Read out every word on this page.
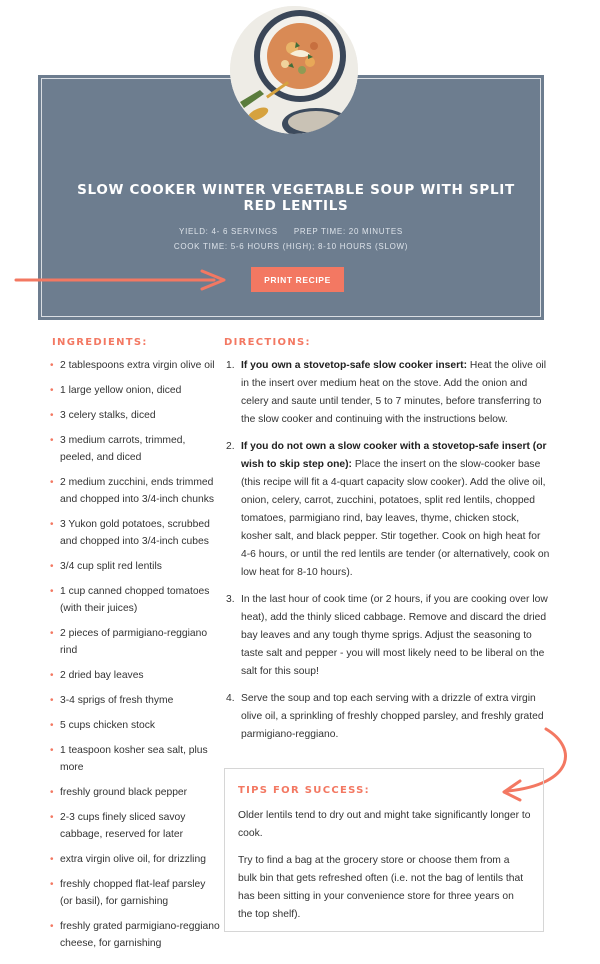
SLOW COOKER WINTER VEGETABLE SOUP WITH SPLIT RED LENTILS
YIELD: 4- 6 SERVINGS PREP TIME: 20 MINUTES
COOK TIME: 5-6 HOURS (HIGH); 8-10 HOURS (SLOW)
PRINT RECIPE
INGREDIENTS:
• 2 tablespoons extra virgin olive oil
• 1 large yellow onion, diced
• 3 celery stalks, diced
• 3 medium carrots, trimmed, peeled, and diced
• 2 medium zucchini, ends trimmed and chopped into 3/4-inch chunks
• 3 Yukon gold potatoes, scrubbed and chopped into 3/4-inch cubes
• 3/4 cup split red lentils
• 1 cup canned chopped tomatoes (with their juices)
• 2 pieces of parmigiano-reggiano rind
• 2 dried bay leaves
• 3-4 sprigs of fresh thyme
• 5 cups chicken stock
• 1 teaspoon kosher sea salt, plus more
• freshly ground black pepper
• 2-3 cups finely sliced savoy cabbage, reserved for later
• extra virgin olive oil, for drizzling
• freshly chopped flat-leaf parsley (or basil), for garnishing
• freshly grated parmigiano-reggiano cheese, for garnishing
DIRECTIONS:
1. If you own a stovetop-safe slow cooker insert: Heat the olive oil in the insert over medium heat on the stove. Add the onion and celery and saute until tender, 5 to 7 minutes, before transferring to the slow cooker and continuing with the instructions below.
2. If you do not own a slow cooker with a stovetop-safe insert (or wish to skip step one): Place the insert on the slow-cooker base (this recipe will fit a 4-quart capacity slow cooker). Add the olive oil, onion, celery, carrot, zucchini, potatoes, split red lentils, chopped tomatoes, parmigiano rind, bay leaves, thyme, chicken stock, kosher salt, and black pepper. Stir together. Cook on high heat for 4-6 hours, or until the red lentils are tender (or alternatively, cook on low heat for 8-10 hours).
3. In the last hour of cook time (or 2 hours, if you are cooking over low heat), add the thinly sliced cabbage. Remove and discard the dried bay leaves and any tough thyme sprigs. Adjust the seasoning to taste salt and pepper - you will most likely need to be liberal on the salt for this soup!
4. Serve the soup and top each serving with a drizzle of extra virgin olive oil, a sprinkling of freshly chopped parsley, and freshly grated parmigiano-reggiano.
TIPS FOR SUCCESS:

Older lentils tend to dry out and might take significantly longer to cook.

Try to find a bag at the grocery store or choose them from a bulk bin that gets refreshed often (i.e. not the bag of lentils that has been sitting in your convenience store for three years on the top shelf).
